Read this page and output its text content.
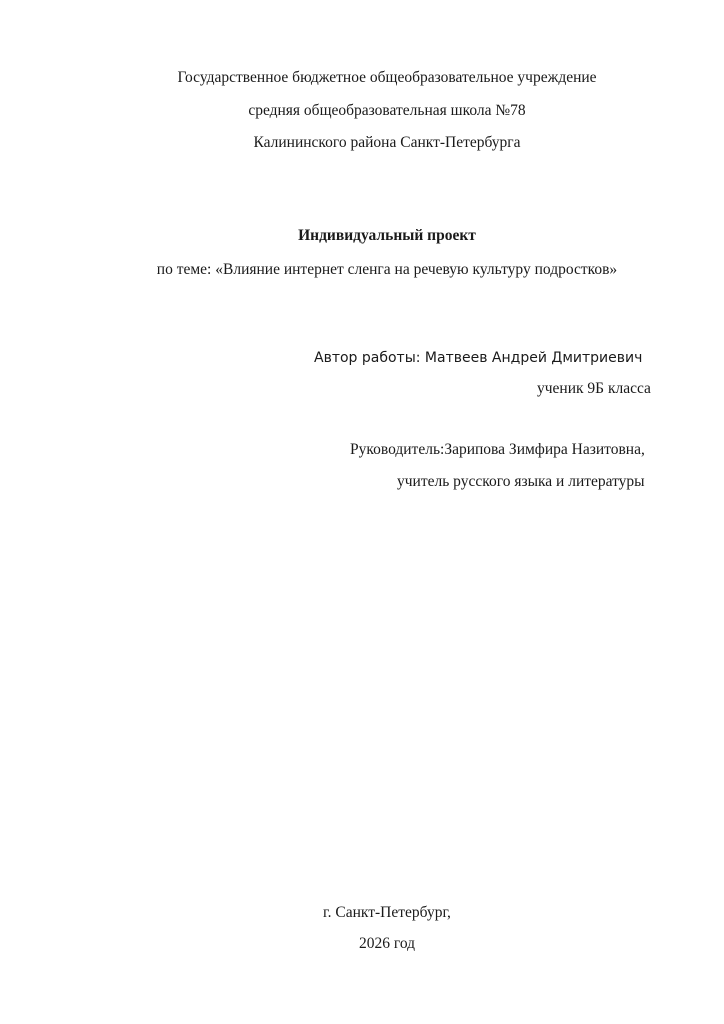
Государственное бюджетное общеобразовательное учреждение
средняя общеобразовательная школа №78
Калининского района Санкт-Петербурга
Индивидуальный проект
по теме: «Влияние интернет сленга на речевую культуру подростков»
Автор работы: Матвеев Андрей Дмитриевич
ученик 9Б класса
Руководитель:Зарипова Зимфира Назитовна,
учитель русского языка и литературы
г. Санкт-Петербург,
2026 год
